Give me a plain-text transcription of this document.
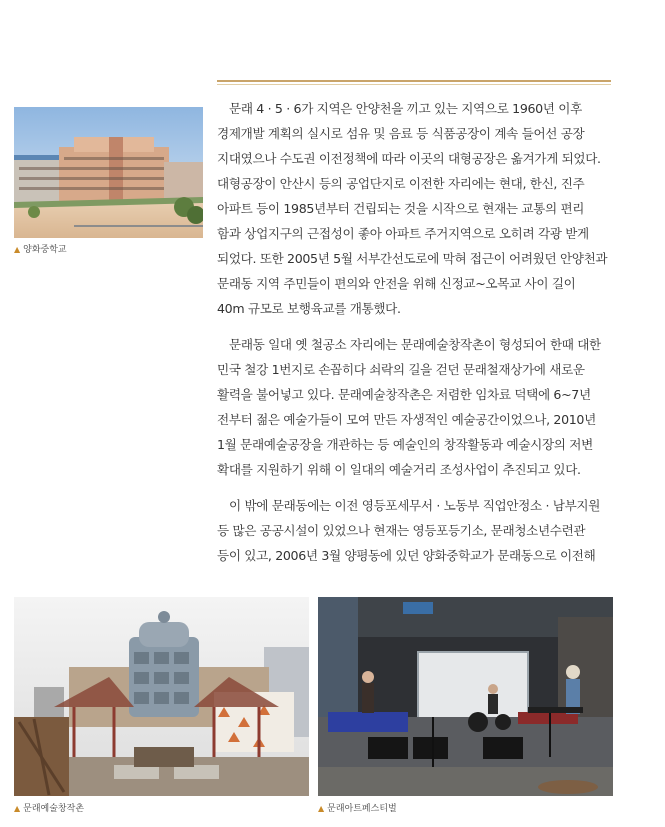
▲ 양화중학교

문래 4 · 5 · 6가 지역은 안양천을 끼고 있는 지역으로 1960년 이후
경제개발 계획의 실시로 섬유 및 음료 등 식품공장이 계속 들어선 공장
지대였으나 수도권 이전정책에 따라 이곳의 대형공장은 옮겨가게 되었다.
대형공장이 안산시 등의 공업단지로 이전한 자리에는 현대, 한신, 진주
아파트 등이 1985년부터 건립되는 것을 시작으로 현재는 교통의 편리
함과 상업지구의 근접성이 좋아 아파트 주거지역으로 오히려 각광 받게
되었다. 또한 2005년 5월 서부간선도로에 막혀 접근이 어려웠던 안양천과
문래동 지역 주민들이 편의와 안전을 위해 신정교~오목교 사이 길이
40m 규모로 보행육교를 개통했다.

문래동 일대 옛 철공소 자리에는 문래예술창작촌이 형성되어 한때 대한
민국 철강 1번지로 손꼽히다 쇠락의 길을 걷던 문래철재상가에 새로운
활력을 불어넣고 있다. 문래예술창작촌은 저렴한 임차료 덕택에 6~7년
전부터 젊은 예술가들이 모여 만든 자생적인 예술공간이었으나, 2010년
1월 문래예술공장을 개관하는 등 예술인의 창작활동과 예술시장의 저변
확대를 지원하기 위해 이 일대의 예술거리 조성사업이 추진되고 있다.

이 밖에 문래동에는 이전 영등포세무서 · 노동부 직업안정소 · 남부지원
등 많은 공공시설이 있었으나 현재는 영등포등기소, 문래청소년수련관
등이 있고, 2006년 3월 양평동에 있던 양화중학교가 문래동으로 이전해

▲ 문래예술창작촌	▲ 문래아트페스티벌
